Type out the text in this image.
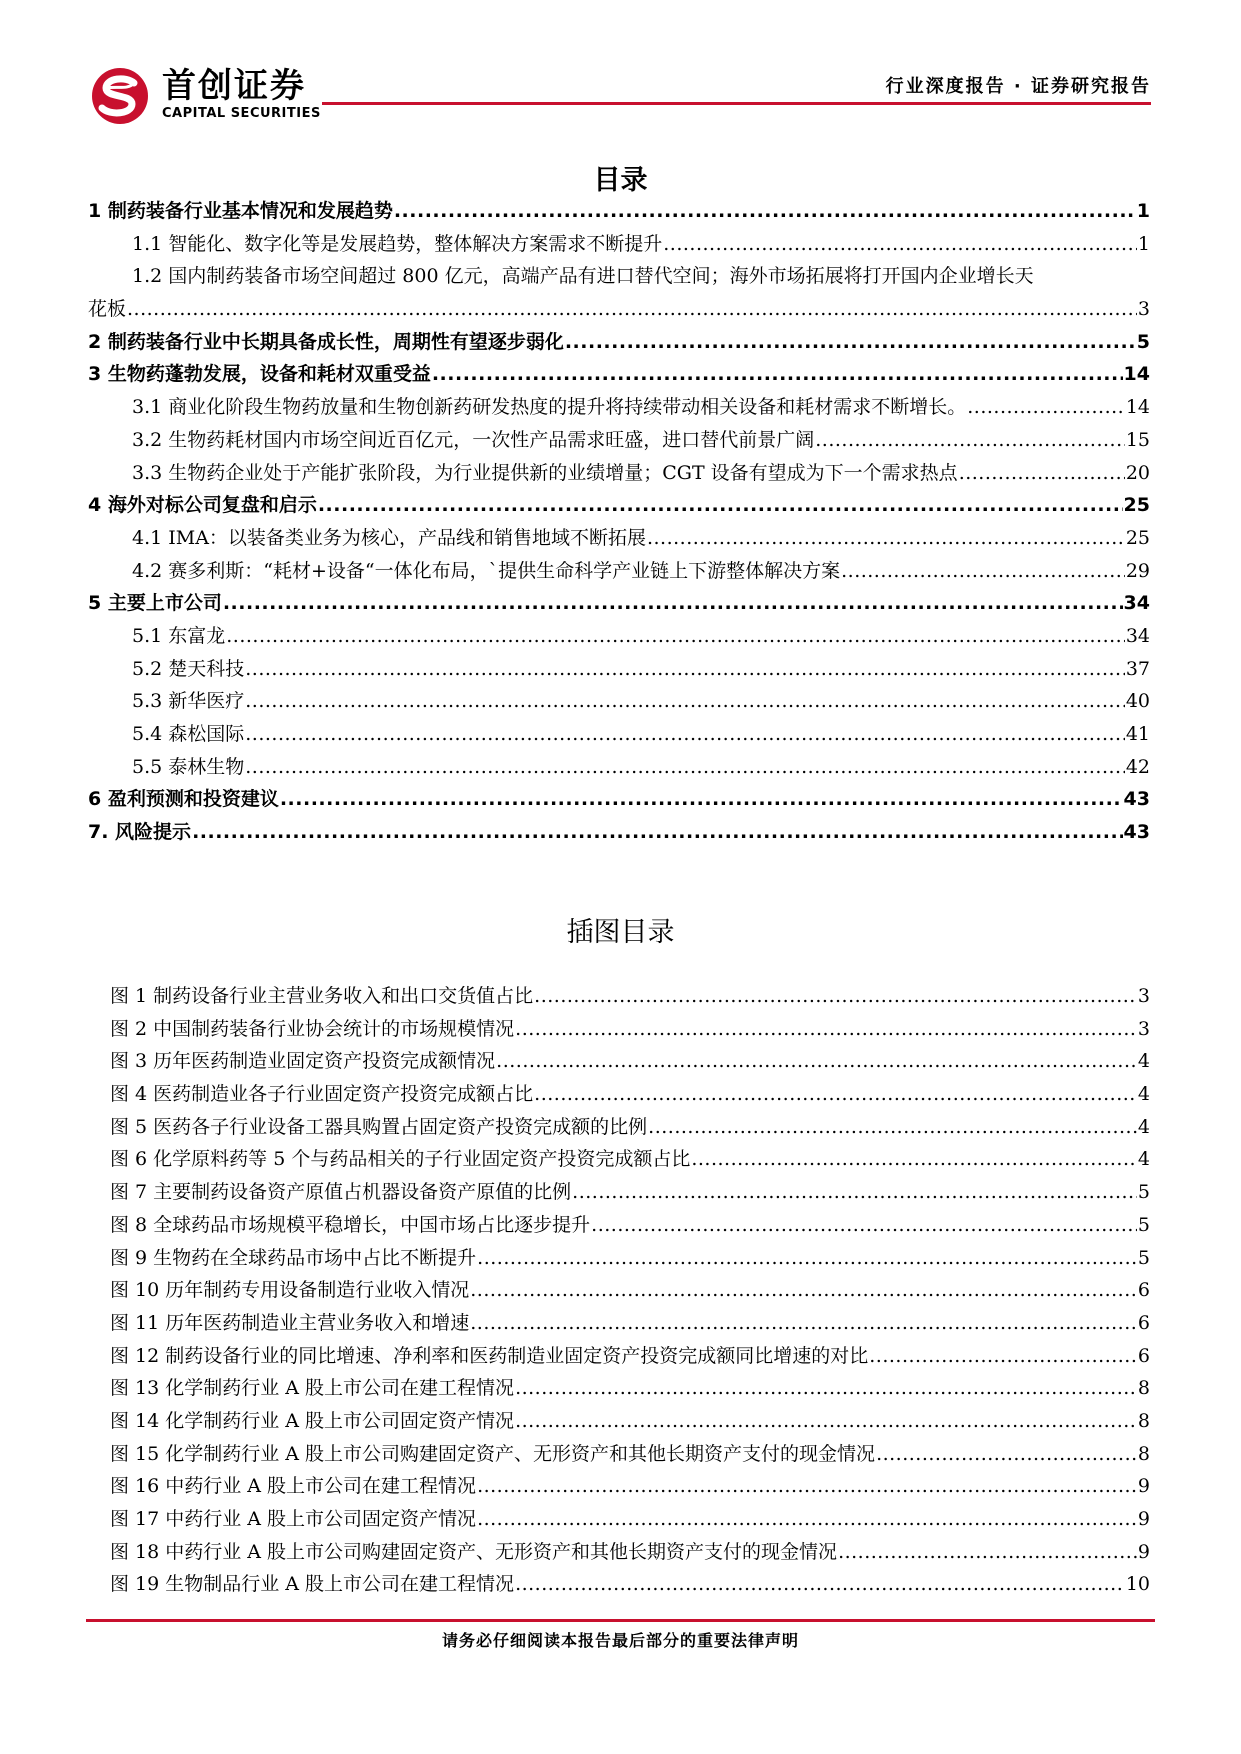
首创证券
CAPITAL SECURITIES
行业深度报告 · 证券研究报告
目录
1 制药装备行业基本情况和发展趋势 .....	1
1.1 智能化、数字化等是发展趋势，整体解决方案需求不断提升 .....	1
1.2 国内制药装备市场空间超过 800 亿元，高端产品有进口替代空间；海外市场拓展将打开国内企业增长天
花板 .....	3
2 制药装备行业中长期具备成长性，周期性有望逐步弱化 .....	5
3 生物药蓬勃发展，设备和耗材双重受益 .....	14
3.1 商业化阶段生物药放量和生物创新药研发热度的提升将持续带动相关设备和耗材需求不断增长。 .....	14
3.2 生物药耗材国内市场空间近百亿元，一次性产品需求旺盛，进口替代前景广阔 .....	15
3.3 生物药企业处于产能扩张阶段，为行业提供新的业绩增量；CGT 设备有望成为下一个需求热点 .....	20
4 海外对标公司复盘和启示 .....	25
4.1 IMA：以装备类业务为核心，产品线和销售地域不断拓展 .....	25
4.2 赛多利斯：“耗材+设备“一体化布局，`提供生命科学产业链上下游整体解决方案 .....	29
5 主要上市公司 .....	34
5.1 东富龙 .....	34
5.2 楚天科技 .....	37
5.3 新华医疗 .....	40
5.4 森松国际 .....	41
5.5 泰林生物 .....	42
6 盈利预测和投资建议 .....	43
7. 风险提示 .....	43
插图目录
图 1 制药设备行业主营业务收入和出口交货值占比 .....	3
图 2 中国制药装备行业协会统计的市场规模情况 .....	3
图 3 历年医药制造业固定资产投资完成额情况 .....	4
图 4 医药制造业各子行业固定资产投资完成额占比 .....	4
图 5 医药各子行业设备工器具购置占固定资产投资完成额的比例 .....	4
图 6 化学原料药等 5 个与药品相关的子行业固定资产投资完成额占比 .....	4
图 7 主要制药设备资产原值占机器设备资产原值的比例 .....	5
图 8 全球药品市场规模平稳增长，中国市场占比逐步提升 .....	5
图 9 生物药在全球药品市场中占比不断提升 .....	5
图 10 历年制药专用设备制造行业收入情况 .....	6
图 11 历年医药制造业主营业务收入和增速 .....	6
图 12 制药设备行业的同比增速、净利率和医药制造业固定资产投资完成额同比增速的对比 .....	6
图 13 化学制药行业 A 股上市公司在建工程情况 .....	8
图 14 化学制药行业 A 股上市公司固定资产情况 .....	8
图 15 化学制药行业 A 股上市公司购建固定资产、无形资产和其他长期资产支付的现金情况 .....	8
图 16 中药行业 A 股上市公司在建工程情况 .....	9
图 17 中药行业 A 股上市公司固定资产情况 .....	9
图 18 中药行业 A 股上市公司购建固定资产、无形资产和其他长期资产支付的现金情况 .....	9
图 19 生物制品行业 A 股上市公司在建工程情况 .....	10
请务必仔细阅读本报告最后部分的重要法律声明
